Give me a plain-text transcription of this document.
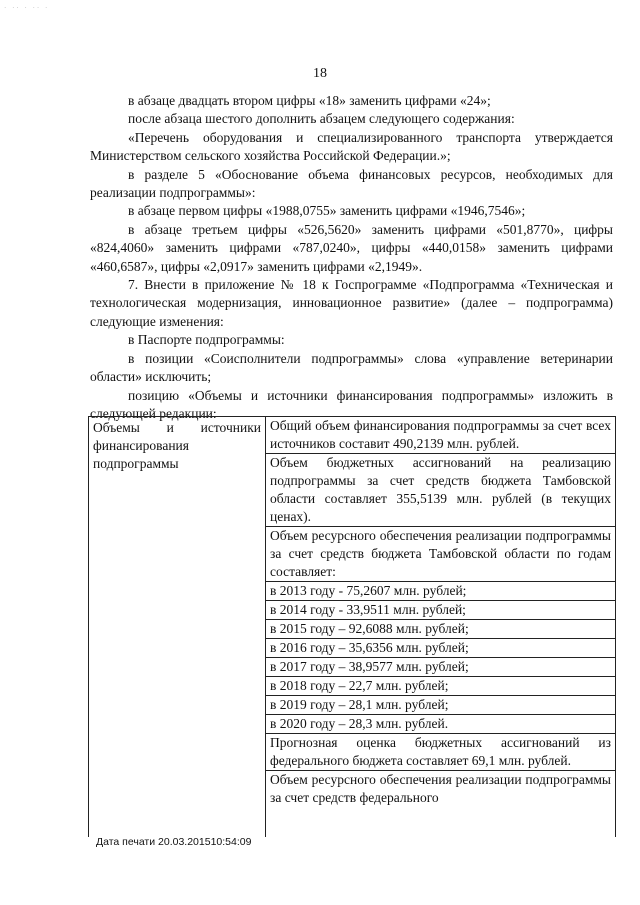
· ·· · ·· ·
18

в абзаце двадцать втором цифры «18» заменить цифрами «24»;

после абзаца шестого дополнить абзацем следующего содержания:

«Перечень оборудования и специализированного транспорта утверждается Министерством сельского хозяйства Российской Федерации.»;

в разделе 5 «Обоснование объема финансовых ресурсов, необходимых для реализации подпрограммы»:

в абзаце первом цифры «1988,0755» заменить цифрами «1946,7546»;

в абзаце третьем цифры «526,5620» заменить цифрами «501,8770», цифры «824,4060» заменить цифрами «787,0240», цифры «440,0158» заменить цифрами «460,6587», цифры «2,0917» заменить цифрами «2,1949».

7. Внести в приложение № 18 к Госпрограмме «Подпрограмма «Техническая и технологическая модернизация, инновационное развитие» (далее – подпрограмма) следующие изменения:

в Паспорте подпрограммы:

в позиции «Соисполнители подпрограммы» слова «управление ветеринарии области» исключить;

позицию «Объемы и источники финансирования подпрограммы» изложить в следующей редакции:

Объемы и источники финансирования подпрограммы
Общий объем финансирования подпрограммы за счет всех источников составит 490,2139 млн. рублей.
Объем бюджетных ассигнований на реализацию подпрограммы за счет средств бюджета Тамбовской области составляет 355,5139 млн. рублей (в текущих ценах).
Объем ресурсного обеспечения реализации подпрограммы за счет средств бюджета Тамбовской области по годам составляет:
в 2013 году - 75,2607 млн. рублей;
в 2014 году - 33,9511 млн. рублей;
в 2015 году – 92,6088 млн. рублей;
в 2016 году – 35,6356 млн. рублей;
в 2017 году – 38,9577 млн. рублей;
в 2018 году – 22,7 млн. рублей;
в 2019 году – 28,1 млн. рублей;
в 2020 году – 28,3 млн. рублей.
Прогнозная оценка бюджетных ассигнований из федерального бюджета составляет 69,1 млн. рублей.
Объем ресурсного обеспечения реализации подпрограммы за счет средств федерального
Дата печати 20.03.201510:54:09
